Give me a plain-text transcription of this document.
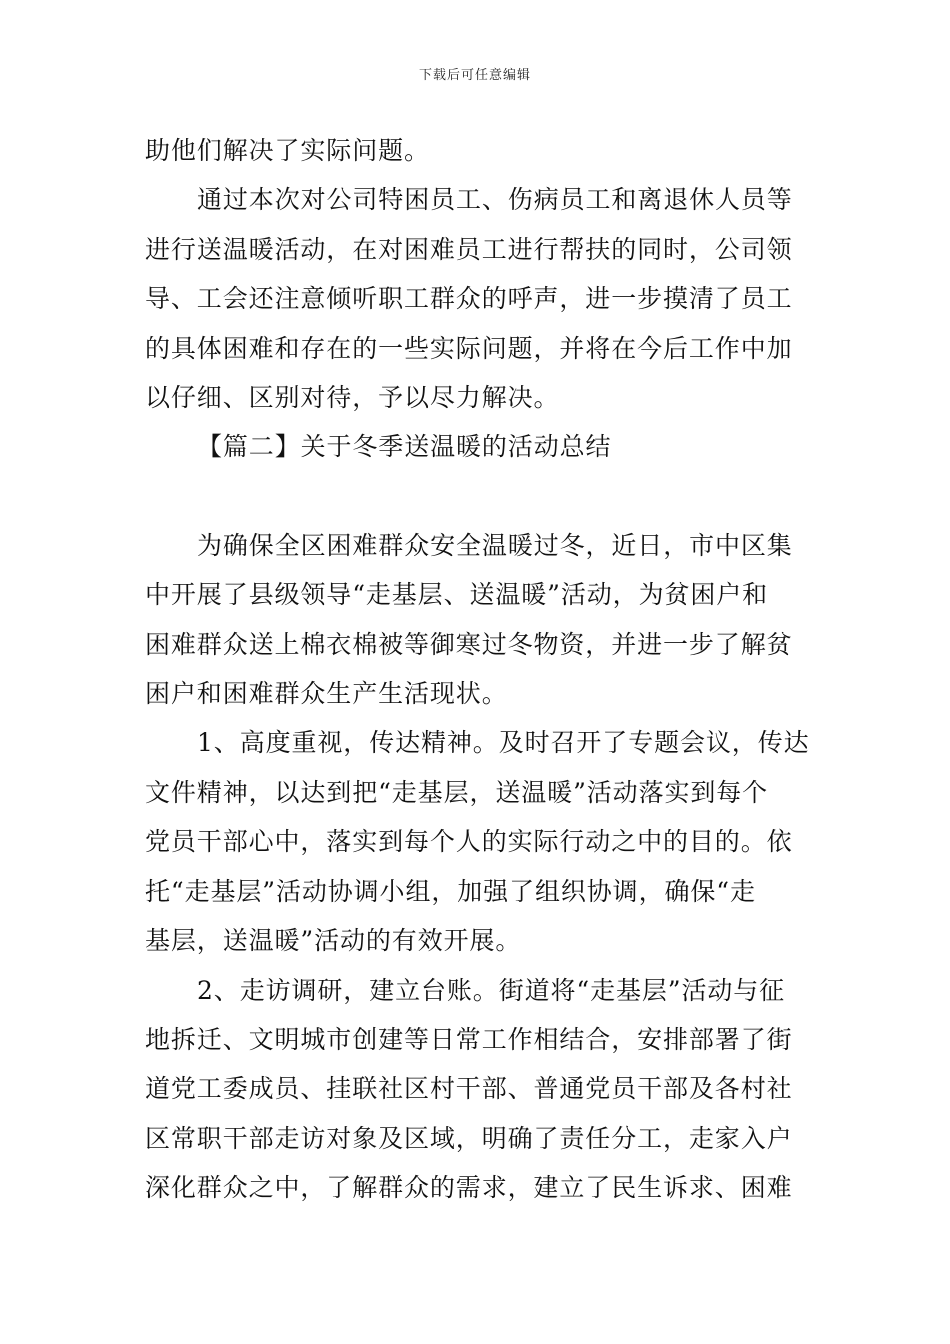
下载后可任意编辑

助他们解决了实际问题。

通过本次对公司特困员工、伤病员工和离退休人员等

进行送温暖活动，在对困难员工进行帮扶的同时，公司领

导、工会还注意倾听职工群众的呼声，进一步摸清了员工

的具体困难和存在的一些实际问题，并将在今后工作中加

以仔细、区别对待，予以尽力解决。

【篇二】关于冬季送温暖的活动总结

为确保全区困难群众安全温暖过冬，近日，市中区集

中开展了县级领导“走基层、送温暖”活动，为贫困户和

困难群众送上棉衣棉被等御寒过冬物资，并进一步了解贫

困户和困难群众生产生活现状。

1、高度重视，传达精神。及时召开了专题会议，传达

文件精神，以达到把“走基层，送温暖”活动落实到每个

党员干部心中，落实到每个人的实际行动之中的目的。依

托“走基层”活动协调小组，加强了组织协调，确保“走

基层，送温暖”活动的有效开展。

2、走访调研，建立台账。街道将“走基层”活动与征

地拆迁、文明城市创建等日常工作相结合，安排部署了街

道党工委成员、挂联社区村干部、普通党员干部及各村社

区常职干部走访对象及区域，明确了责任分工，走家入户

深化群众之中，了解群众的需求，建立了民生诉求、困难
